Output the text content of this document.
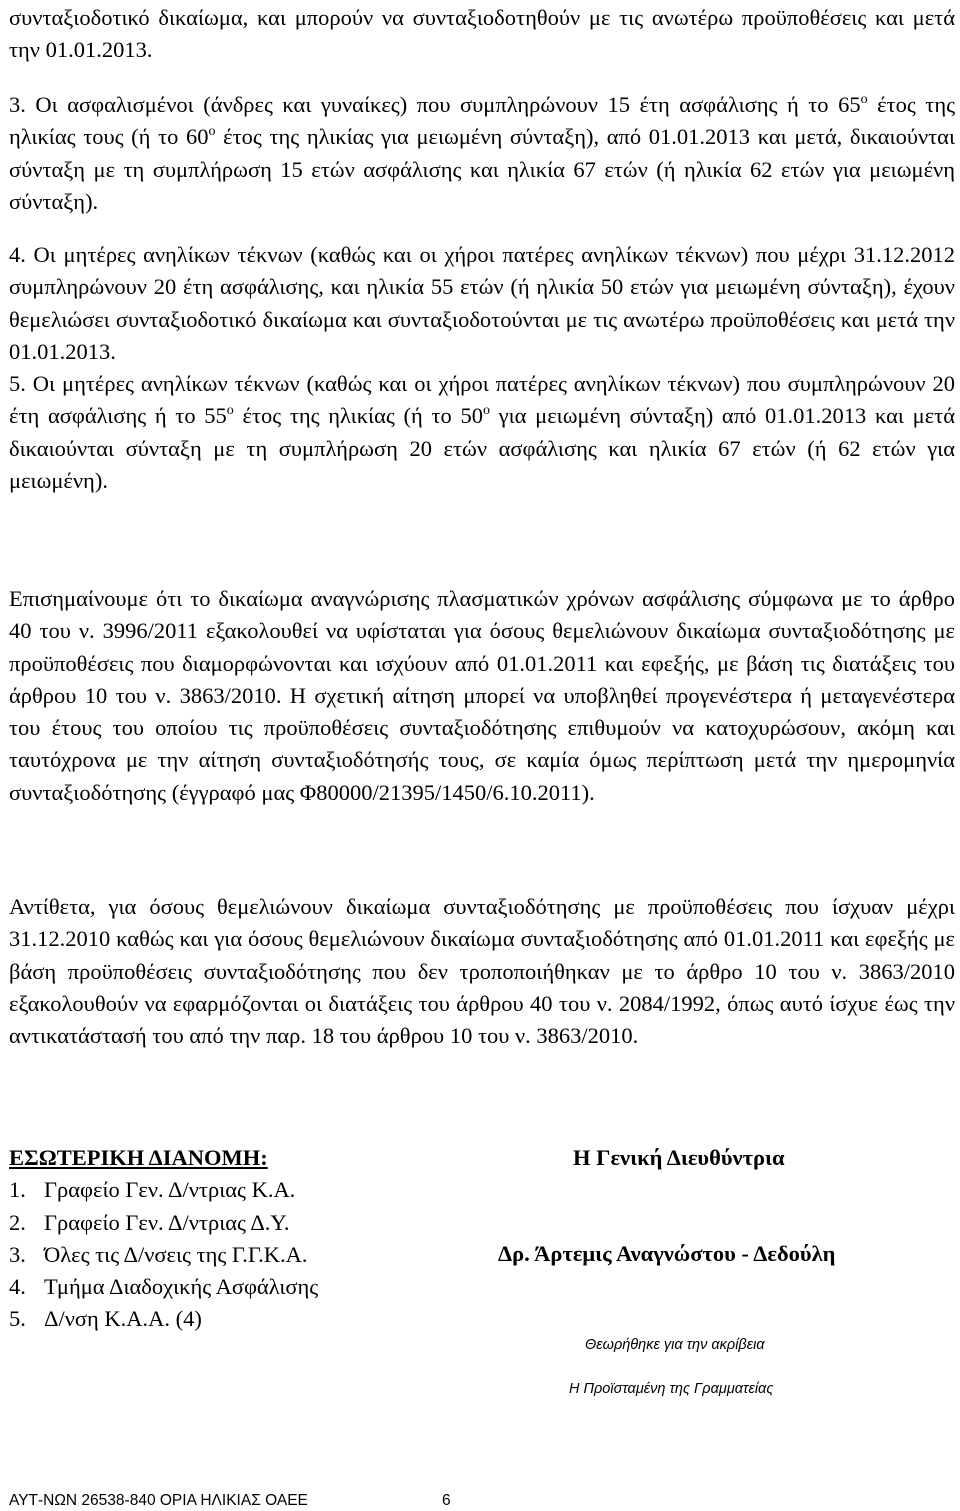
συνταξιοδοτικό δικαίωμα, και μπορούν να συνταξιοδοτηθούν με τις ανωτέρω προϋποθέσεις και μετά την 01.01.2013.

3. Οι ασφαλισμένοι (άνδρες και γυναίκες) που συμπληρώνουν 15 έτη ασφάλισης ή το $65^o$ έτος της ηλικίας τους (ή το $60^o$ έτος της ηλικίας για μειωμένη σύνταξη), από 01.01.2013 και μετά, δικαιούνται σύνταξη με τη συμπλήρωση 15 ετών ασφάλισης και ηλικία 67 ετών (ή ηλικία 62 ετών για μειωμένη σύνταξη).

4. Οι μητέρες ανηλίκων τέκνων (καθώς και οι χήροι πατέρες ανηλίκων τέκνων) που μέχρι 31.12.2012 συμπληρώνουν 20 έτη ασφάλισης, και ηλικία 55 ετών (ή ηλικία 50 ετών για μειωμένη σύνταξη), έχουν θεμελιώσει συνταξιοδοτικό δικαίωμα και συνταξιοδοτούνται με τις ανωτέρω προϋποθέσεις και μετά την 01.01.2013.

5. Οι μητέρες ανηλίκων τέκνων (καθώς και οι χήροι πατέρες ανηλίκων τέκνων) που συμπληρώνουν 20 έτη ασφάλισης ή το $55^o$ έτος της ηλικίας (ή το $50^o$ για μειωμένη σύνταξη) από 01.01.2013 και μετά δικαιούνται σύνταξη με τη συμπλήρωση 20 ετών ασφάλισης και ηλικία 67 ετών (ή 62 ετών για μειωμένη).

Επισημαίνουμε ότι το δικαίωμα αναγνώρισης πλασματικών χρόνων ασφάλισης σύμφωνα με το άρθρο 40 του ν. 3996/2011 εξακολουθεί να υφίσταται για όσους θεμελιώνουν δικαίωμα συνταξιοδότησης με προϋποθέσεις που διαμορφώνονται και ισχύουν από 01.01.2011 και εφεξής, με βάση τις διατάξεις του άρθρου 10 του ν. 3863/2010. Η σχετική αίτηση μπορεί να υποβληθεί προγενέστερα ή μεταγενέστερα του έτους του οποίου τις προϋποθέσεις συνταξιοδότησης επιθυμούν να κατοχυρώσουν, ακόμη και ταυτόχρονα με την αίτηση συνταξιοδότησής τους, σε καμία όμως περίπτωση μετά την ημερομηνία συνταξιοδότησης (έγγραφό μας Φ80000/21395/1450/6.10.2011).

Αντίθετα, για όσους θεμελιώνουν δικαίωμα συνταξιοδότησης με προϋποθέσεις που ίσχυαν μέχρι 31.12.2010 καθώς και για όσους θεμελιώνουν δικαίωμα συνταξιοδότησης από 01.01.2011 και εφεξής με βάση προϋποθέσεις συνταξιοδότησης που δεν τροποποιήθηκαν με το άρθρο 10 του ν. 3863/2010 εξακολουθούν να εφαρμόζονται οι διατάξεις του άρθρου 40 του ν. 2084/1992, όπως αυτό ίσχυε έως την αντικατάστασή του από την παρ. 18 του άρθρου 10 του ν. 3863/2010.

ΕΣΩΤΕΡΙΚΗ ΔΙΑΝΟΜΗ:
1. Γραφείο Γεν. Δ/ντριας Κ.Α.
2. Γραφείο Γεν. Δ/ντριας Δ.Υ.
3. Όλες τις Δ/νσεις της Γ.Γ.Κ.Α.
4. Τμήμα Διαδοχικής Ασφάλισης
5. Δ/νση Κ.Α.Α. (4)
Η Γενική Διευθύντρια
Δρ. Άρτεμις Αναγνώστου - Δεδούλη
Θεωρήθηκε για την ακρίβεια
Η Προϊσταμένη της Γραμματείας
ΑΥΤ-ΝΩΝ 26538-840 ΟΡΙΑ ΗΛΙΚΙΑΣ ΟΑΕΕ	6
